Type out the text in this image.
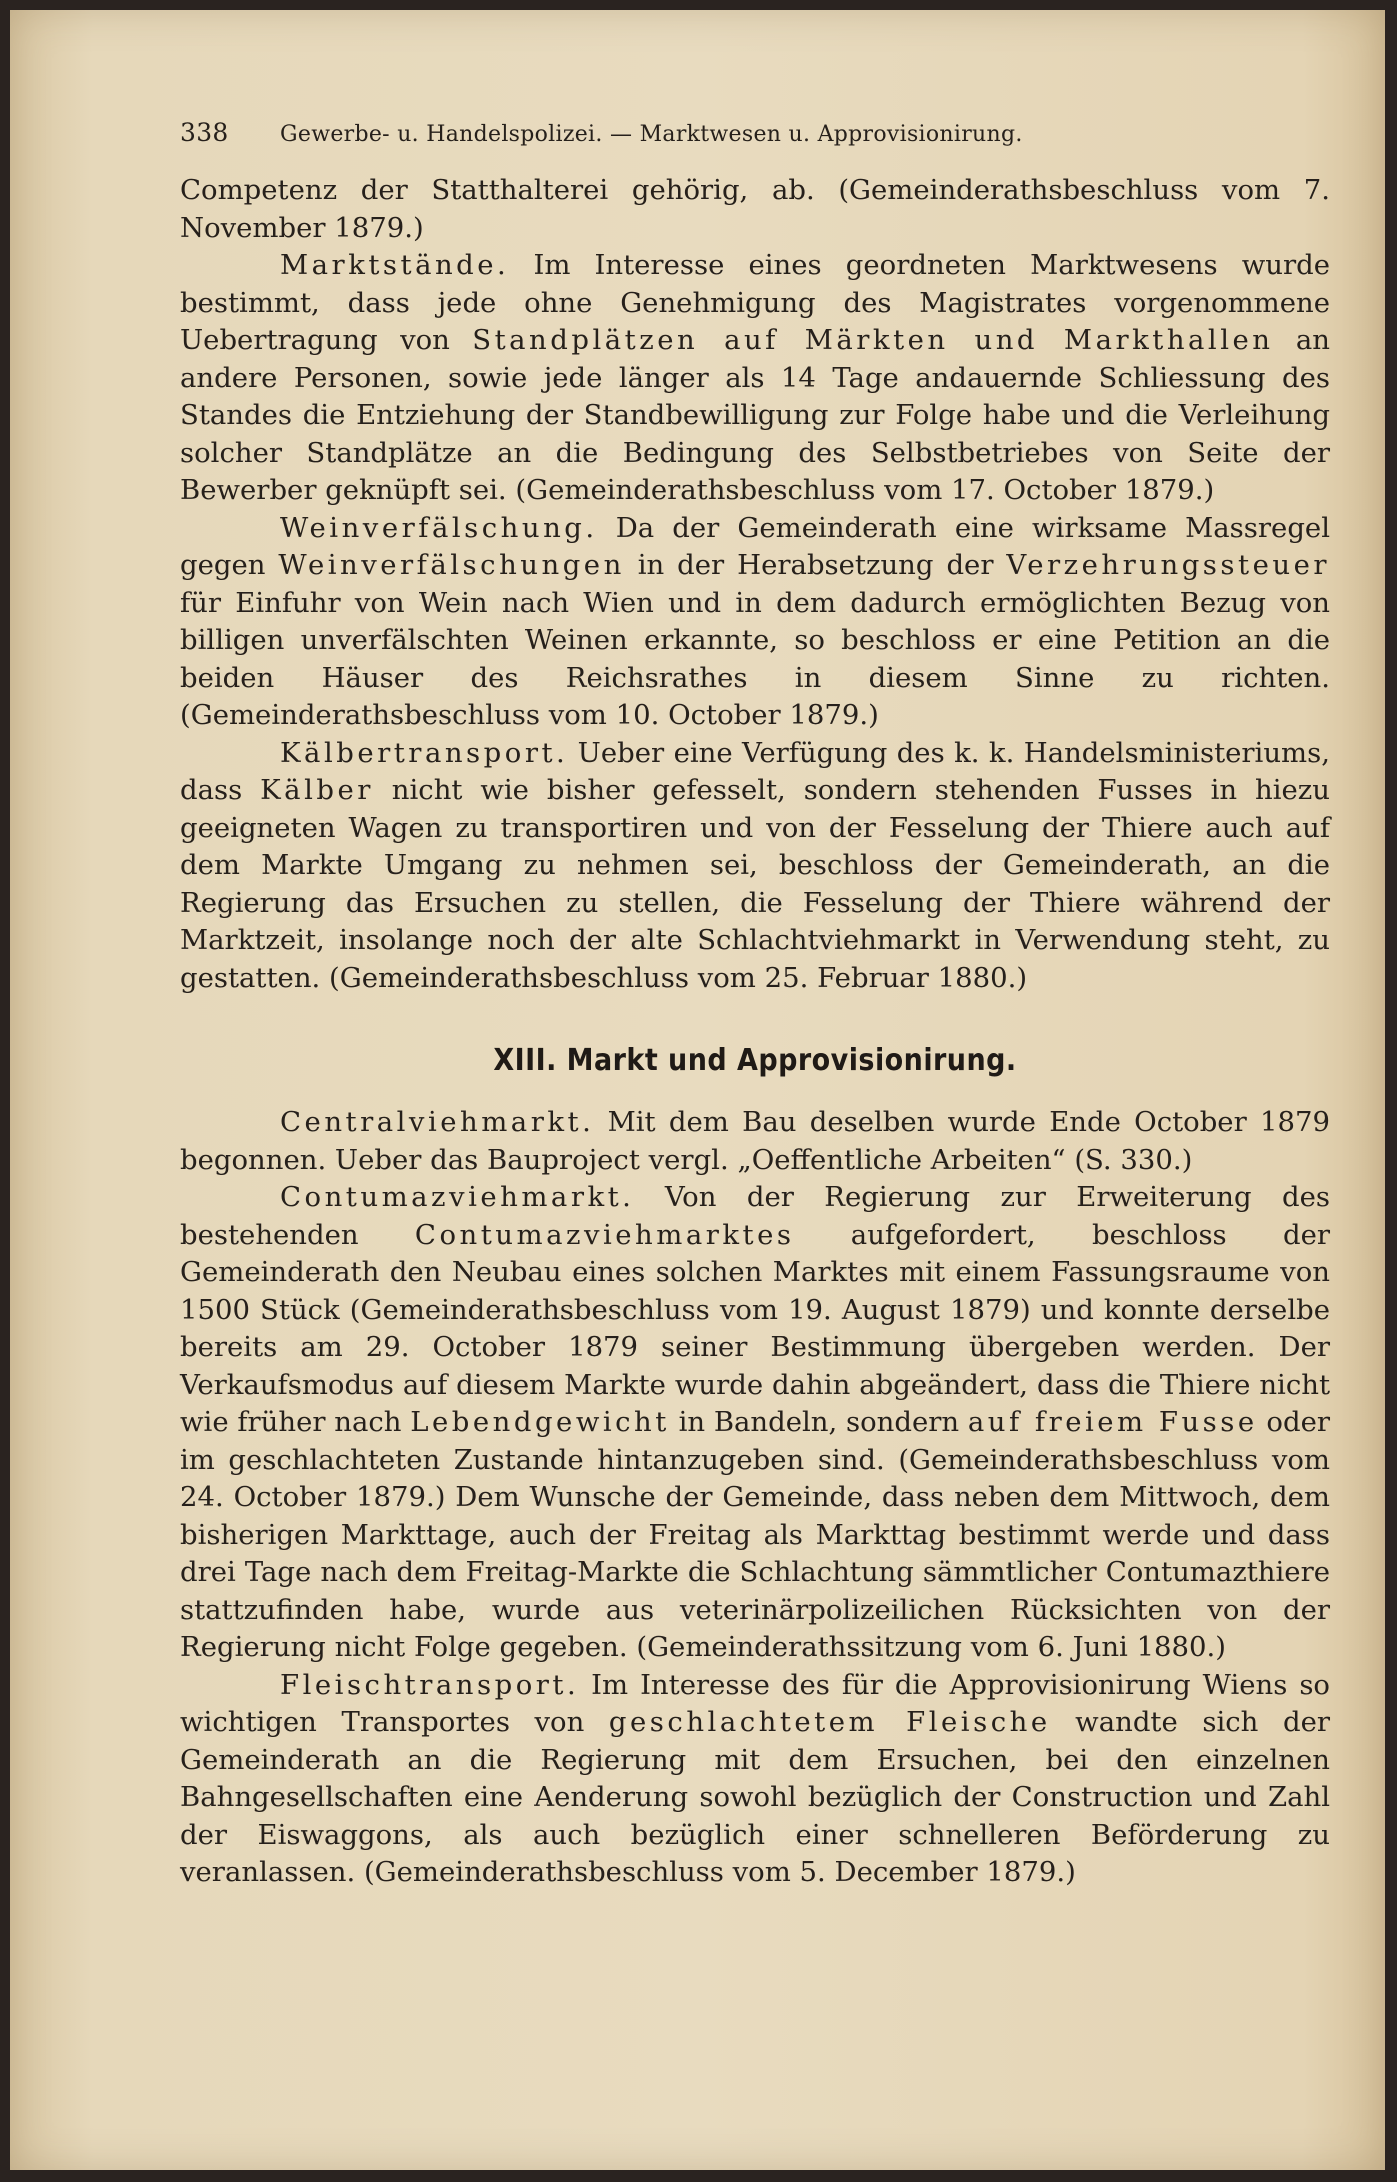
338 Gewerbe- u. Handelspolizei. — Marktwesen u. Approvisionirung.

Competenz der Statthalterei gehörig, ab. (Gemeinderathsbeschluss vom 7. November 1879.)

Marktstände. Im Interesse eines geordneten Marktwesens wurde bestimmt, dass jede ohne Genehmigung des Magistrates vorgenommene Uebertragung von Standplätzen auf Märkten und Markthallen an andere Personen, sowie jede länger als 14 Tage andauernde Schliessung des Standes die Entziehung der Standbewilligung zur Folge habe und die Verleihung solcher Standplätze an die Bedingung des Selbstbetriebes von Seite der Bewerber geknüpft sei. (Gemeinderathsbeschluss vom 17. October 1879.)

Weinverfälschung. Da der Gemeinderath eine wirksame Massregel gegen Weinverfälschungen in der Herabsetzung der Verzehrungssteuer für Einfuhr von Wein nach Wien und in dem dadurch ermöglichten Bezug von billigen unverfälschten Weinen erkannte, so beschloss er eine Petition an die beiden Häuser des Reichsrathes in diesem Sinne zu richten. (Gemeinderathsbeschluss vom 10. October 1879.)

Kälbertransport. Ueber eine Verfügung des k. k. Handelsministeriums, dass Kälber nicht wie bisher gefesselt, sondern stehenden Fusses in hiezu geeigneten Wagen zu transportiren und von der Fesselung der Thiere auch auf dem Markte Umgang zu nehmen sei, beschloss der Gemeinderath, an die Regierung das Ersuchen zu stellen, die Fesselung der Thiere während der Marktzeit, insolange noch der alte Schlachtviehmarkt in Verwendung steht, zu gestatten. (Gemeinderathsbeschluss vom 25. Februar 1880.)

XIII. Markt und Approvisionirung.

Centralviehmarkt. Mit dem Bau deselben wurde Ende October 1879 begonnen. Ueber das Bauproject vergl. „Oeffentliche Arbeiten“ (S. 330.)

Contumazviehmarkt. Von der Regierung zur Erweiterung des bestehenden Contumazviehmarktes aufgefordert, beschloss der Gemeinderath den Neubau eines solchen Marktes mit einem Fassungsraume von 1500 Stück (Gemeinderathsbeschluss vom 19. August 1879) und konnte derselbe bereits am 29. October 1879 seiner Bestimmung übergeben werden. Der Verkaufsmodus auf diesem Markte wurde dahin abgeändert, dass die Thiere nicht wie früher nach Lebendgewicht in Bandeln, sondern auf freiem Fusse oder im geschlachteten Zustande hintanzugeben sind. (Gemeinderathsbeschluss vom 24. October 1879.) Dem Wunsche der Gemeinde, dass neben dem Mittwoch, dem bisherigen Markttage, auch der Freitag als Markttag bestimmt werde und dass drei Tage nach dem Freitag-Markte die Schlachtung sämmtlicher Contumazthiere stattzufinden habe, wurde aus veterinärpolizeilichen Rücksichten von der Regierung nicht Folge gegeben. (Gemeinderathssitzung vom 6. Juni 1880.)

Fleischtransport. Im Interesse des für die Approvisionirung Wiens so wichtigen Transportes von geschlachtetem Fleische wandte sich der Gemeinderath an die Regierung mit dem Ersuchen, bei den einzelnen Bahngesellschaften eine Aenderung sowohl bezüglich der Construction und Zahl der Eiswaggons, als auch bezüglich einer schnelleren Beförderung zu veranlassen. (Gemeinderathsbeschluss vom 5. December 1879.)
